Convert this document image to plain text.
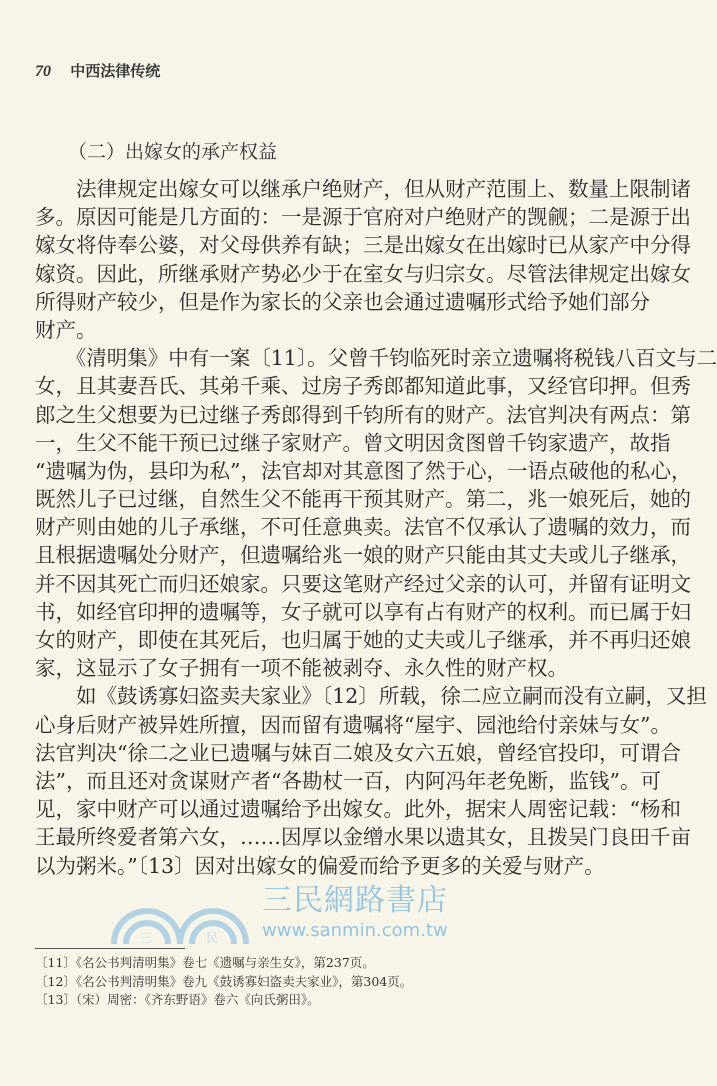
70 中西法律传统
（二）出嫁女的承产权益
　　法律规定出嫁女可以继承户绝财产，但从财产范围上、数量上限制诸
多。原因可能是几方面的：一是源于官府对户绝财产的觊觎；二是源于出
嫁女将侍奉公婆，对父母供养有缺；三是出嫁女在出嫁时已从家产中分得
嫁资。因此，所继承财产势必少于在室女与归宗女。尽管法律规定出嫁女
所得财产较少，但是作为家长的父亲也会通过遗嘱形式给予她们部分
财产。
　　《清明集》中有一案〔11〕。父曾千钧临死时亲立遗嘱将税钱八百文与二
女，且其妻吾氏、其弟千乘、过房子秀郎都知道此事，又经官印押。但秀
郎之生父想要为已过继子秀郎得到千钧所有的财产。法官判决有两点：第
一，生父不能干预已过继子家财产。曾文明因贪图曾千钧家遗产，故指
“遗嘱为伪，县印为私”，法官却对其意图了然于心，一语点破他的私心，
既然儿子已过继，自然生父不能再干预其财产。第二，兆一娘死后，她的
财产则由她的儿子承继，不可任意典卖。法官不仅承认了遗嘱的效力，而
且根据遗嘱处分财产，但遗嘱给兆一娘的财产只能由其丈夫或儿子继承，
并不因其死亡而归还娘家。只要这笔财产经过父亲的认可，并留有证明文
书，如经官印押的遗嘱等，女子就可以享有占有财产的权利。而已属于妇
女的财产，即使在其死后，也归属于她的丈夫或儿子继承，并不再归还娘
家，这显示了女子拥有一项不能被剥夺、永久性的财产权。
　　如《鼓诱寡妇盗卖夫家业》〔12〕所载，徐二应立嗣而没有立嗣，又担
心身后财产被异姓所擅，因而留有遗嘱将“屋宇、园池给付亲妹与女”。
法官判决“徐二之业已遗嘱与妹百二娘及女六五娘，曾经官投印，可谓合
法”，而且还对贪谋财产者“各勘杖一百，内阿冯年老免断，监钱”。可
见，家中财产可以通过遗嘱给予出嫁女。此外，据宋人周密记载：“杨和
王最所终爱者第六女，……因厚以金缯水果以遗其女，且拨吴门良田千亩
以为粥米。”〔13〕因对出嫁女的偏爱而给予更多的关爱与财产。
三	民
三民網路書店
www.sanmin.com.tw
〔11〕《名公书判清明集》卷七《遗嘱与亲生女》，第237页。
〔12〕《名公书判清明集》卷九《鼓诱寡妇盗卖夫家业》，第304页。
〔13〕（宋）周密：《齐东野语》卷六《向氏粥田》。
